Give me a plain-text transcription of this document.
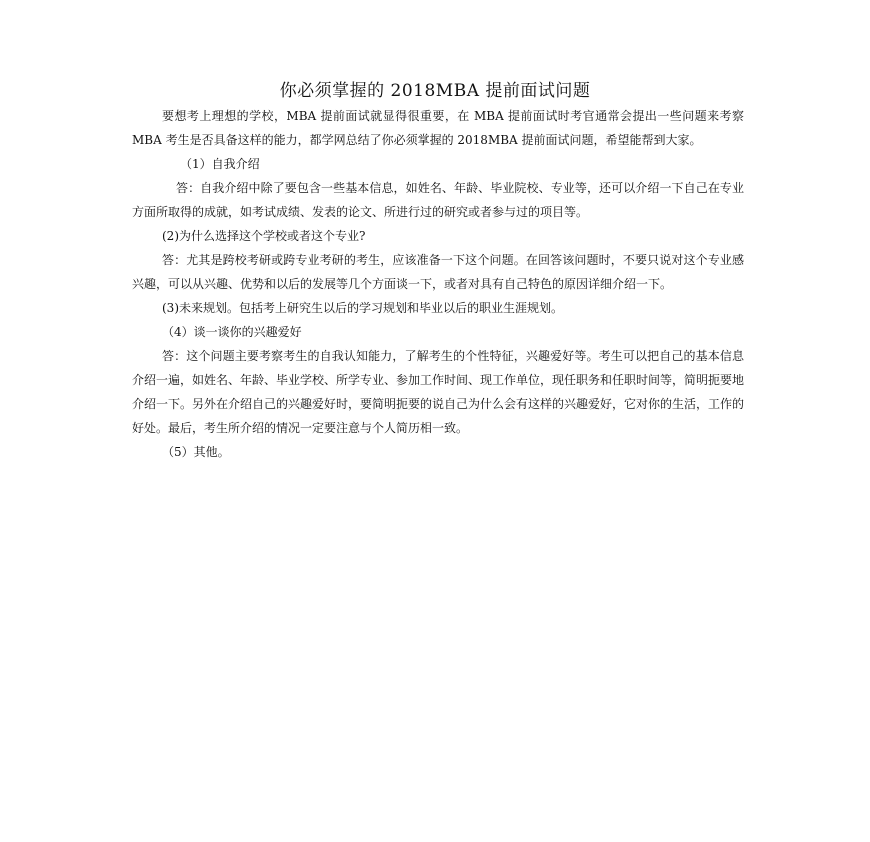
你必须掌握的 2018MBA 提前面试问题

要想考上理想的学校，MBA 提前面试就显得很重要，在 MBA 提前面试时考官通常会提出一些问题来考察 MBA 考生是否具备这样的能力，都学网总结了你必须掌握的 2018MBA 提前面试问题，希望能帮到大家。

（1）自我介绍

答：自我介绍中除了要包含一些基本信息，如姓名、年龄、毕业院校、专业等，还可以介绍一下自己在专业方面所取得的成就，如考试成绩、发表的论文、所进行过的研究或者参与过的项目等。

(2)为什么选择这个学校或者这个专业?

答：尤其是跨校考研或跨专业考研的考生，应该准备一下这个问题。在回答该问题时，不要只说对这个专业感兴趣，可以从兴趣、优势和以后的发展等几个方面谈一下，或者对具有自己特色的原因详细介绍一下。

(3)未来规划。包括考上研究生以后的学习规划和毕业以后的职业生涯规划。

（4）谈一谈你的兴趣爱好

答：这个问题主要考察考生的自我认知能力，了解考生的个性特征，兴趣爱好等。考生可以把自己的基本信息介绍一遍，如姓名、年龄、毕业学校、所学专业、参加工作时间、现工作单位，现任职务和任职时间等，简明扼要地介绍一下。另外在介绍自己的兴趣爱好时，要简明扼要的说自己为什么会有这样的兴趣爱好，它对你的生活，工作的好处。最后，考生所介绍的情况一定要注意与个人简历相一致。

（5）其他。
